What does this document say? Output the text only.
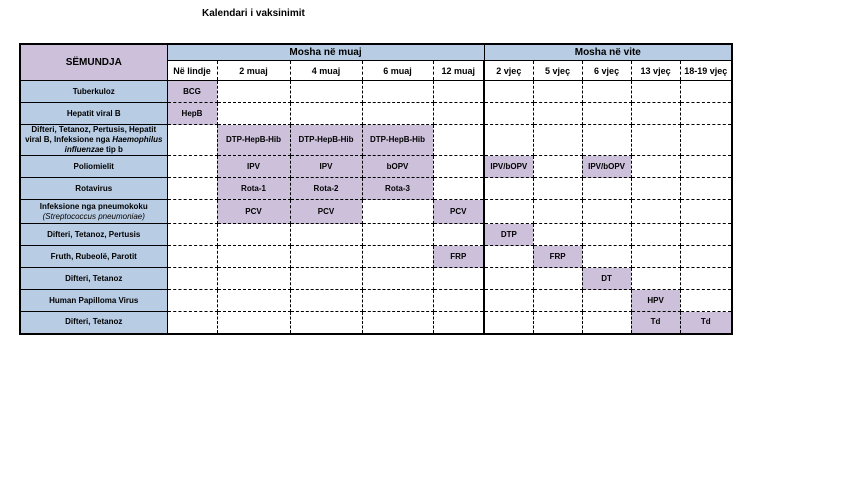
Kalendari i vaksinimit
SËMUNDJA	Mosha në muaj					Mosha në vite				
	Në lindje	2 muaj	4 muaj	6 muaj	12 muaj	2 vjeç	5 vjeç	6 vjeç	13 vjeç	18-19 vjeç

Tuberkuloz	BCG									

Hepatit viral B	HepB									
Difteri, Tetanoz, Pertusis, Hepatit viral B, Infeksione nga Haemophilus influenzae tip b		DTP-HepB-Hib	DTP-HepB-Hib	DTP-HepB-Hib						

Poliomielit		IPV	IPV	bOPV		IPV/bOPV		IPV/bOPV		

Rotavirus		Rota-1	Rota-2	Rota-3						

Infeksione nga pneumokoku
(Streptococcus pneumoniae)		PCV	PCV		PCV					

Difteri, Tetanoz, Pertusis						DTP				

Fruth, Rubeolë, Parotit					FRP		FRP			

Difteri, Tetanoz								DT		

Human Papilloma Virus									HPV	

Difteri, Tetanoz									Td	Td
